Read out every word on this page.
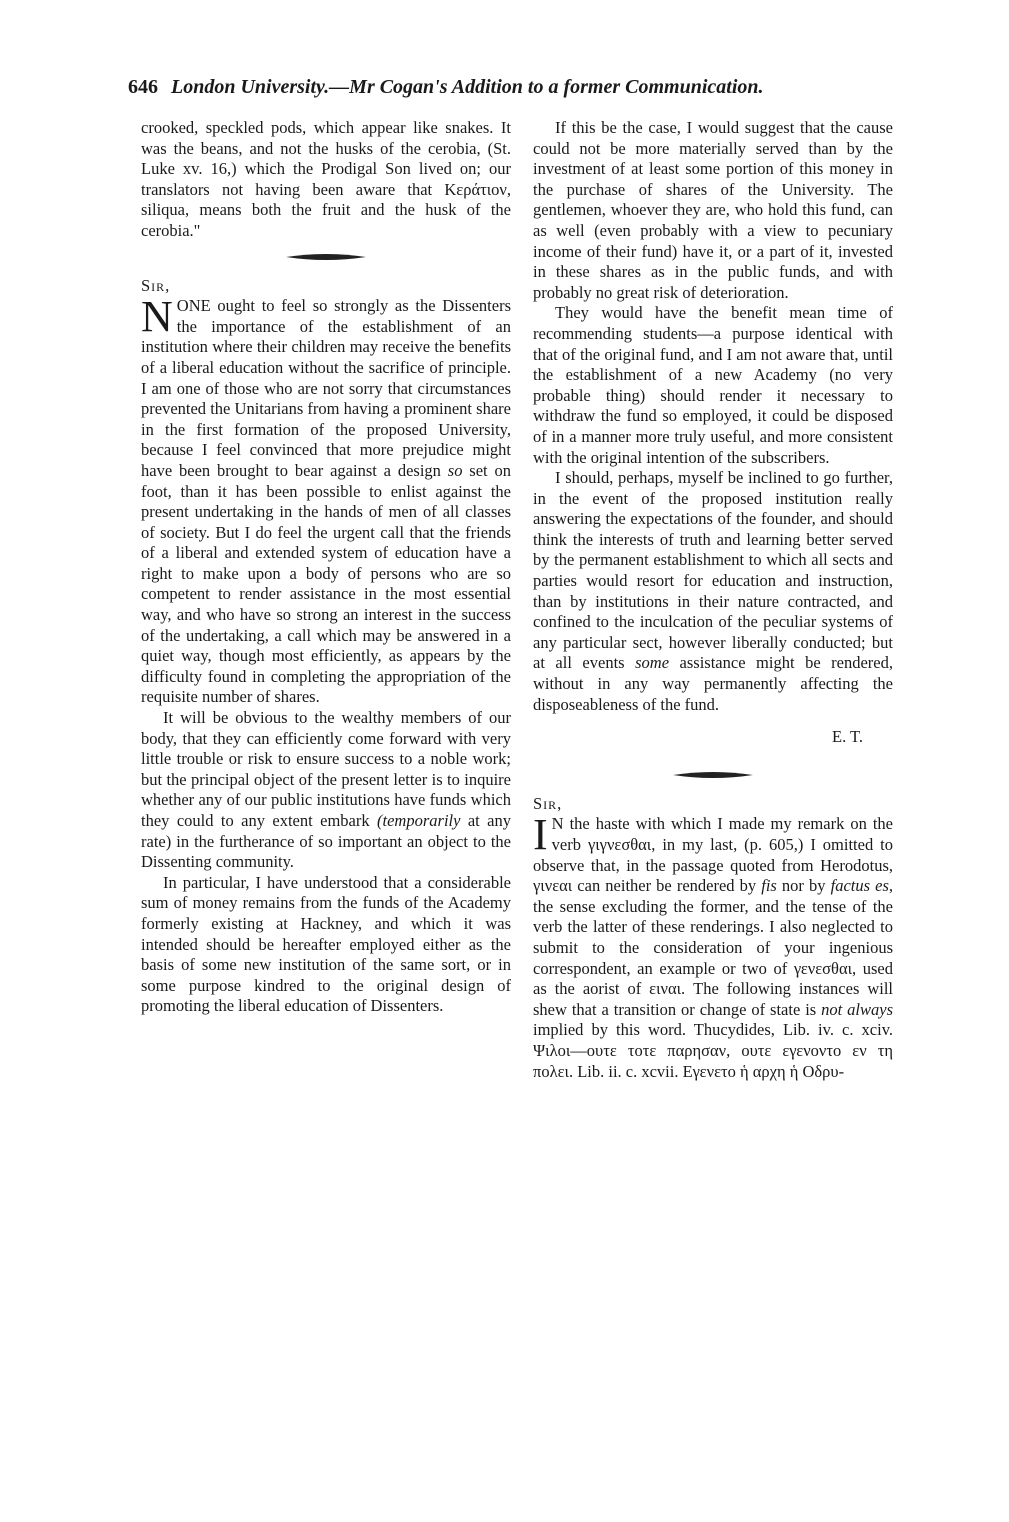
646 London University.—Mr Cogan's Addition to a former Communication.

crooked, speckled pods, which appear like snakes. It was the beans, and not the husks of the cerobia, (St. Luke xv. 16,) which the Prodigal Son lived on; our translators not having been aware that Κεράτιον, siliqua, means both the fruit and the husk of the cerobia."

Sir,

NONE ought to feel so strongly as the Dissenters the importance of the establishment of an institution where their children may receive the benefits of a liberal education without the sacrifice of principle. I am one of those who are not sorry that circumstances prevented the Unitarians from having a prominent share in the first formation of the proposed University, because I feel convinced that more prejudice might have been brought to bear against a design so set on foot, than it has been possible to enlist against the present undertaking in the hands of men of all classes of society. But I do feel the urgent call that the friends of a liberal and extended system of education have a right to make upon a body of persons who are so competent to render assistance in the most essential way, and who have so strong an interest in the success of the undertaking, a call which may be answered in a quiet way, though most efficiently, as appears by the difficulty found in completing the appropriation of the requisite number of shares.

It will be obvious to the wealthy members of our body, that they can efficiently come forward with very little trouble or risk to ensure success to a noble work; but the principal object of the present letter is to inquire whether any of our public institutions have funds which they could to any extent embark (temporarily at any rate) in the furtherance of so important an object to the Dissenting community.

In particular, I have understood that a considerable sum of money remains from the funds of the Academy formerly existing at Hackney, and which it was intended should be hereafter employed either as the basis of some new institution of the same sort, or in some purpose kindred to the original design of promoting the liberal education of Dissenters.

If this be the case, I would suggest that the cause could not be more materially served than by the investment of at least some portion of this money in the purchase of shares of the University. The gentlemen, whoever they are, who hold this fund, can as well (even probably with a view to pecuniary income of their fund) have it, or a part of it, invested in these shares as in the public funds, and with probably no great risk of deterioration.

They would have the benefit mean time of recommending students—a purpose identical with that of the original fund, and I am not aware that, until the establishment of a new Academy (no very probable thing) should render it necessary to withdraw the fund so employed, it could be disposed of in a manner more truly useful, and more consistent with the original intention of the subscribers.

I should, perhaps, myself be inclined to go further, in the event of the proposed institution really answering the expectations of the founder, and should think the interests of truth and learning better served by the permanent establishment to which all sects and parties would resort for education and instruction, than by institutions in their nature contracted, and confined to the inculcation of the peculiar systems of any particular sect, however liberally conducted; but at all events some assistance might be rendered, without in any way permanently affecting the disposeableness of the fund.

E. T.

Sir,

I N the haste with which I made my remark on the verb γιγνεσθαι, in my last, (p. 605,) I omitted to observe that, in the passage quoted from Herodotus, γινεαι can neither be rendered by fis nor by factus es, the sense excluding the former, and the tense of the verb the latter of these renderings. I also neglected to submit to the consideration of your ingenious correspondent, an example or two of γενεσθαι, used as the aorist of ειναι. The following instances will shew that a transition or change of state is not always implied by this word. Thucydides, Lib. iv. c. xciv. Ψιλοι—ουτε τοτε παρησαν, ουτε εγενοντο εν τη πολει. Lib. ii. c. xcvii. Εγενετο ἡ αρχη ἡ Οδρυ-
